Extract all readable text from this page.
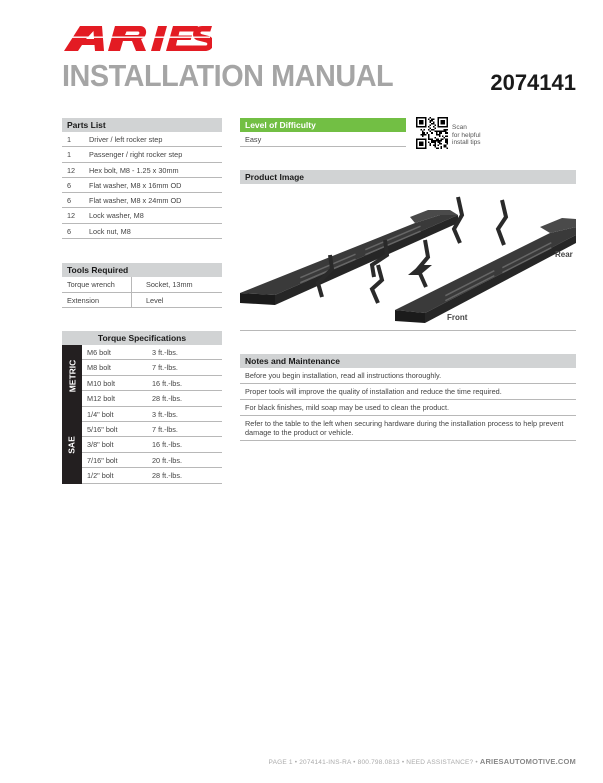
INSTALLATION MANUAL	2074141
Parts List
1	Driver / left rocker step
1	Passenger / right rocker step
12	Hex bolt, M8 - 1.25 x 30mm
6	Flat washer, M8 x 16mm OD
6	Flat washer, M8 x 24mm OD
12	Lock washer, M8
6	Lock nut, M8
Tools Required
Torque wrench	Socket, 13mm
Extension	Level
Torque Specifications
METRIC
M6 bolt	3 ft.-lbs.
M8 bolt	7 ft.-lbs.
M10 bolt	16 ft.-lbs.
M12 bolt	28 ft.-lbs.
SAE
1/4" bolt	3 ft.-lbs.
5/16" bolt	7 ft.-lbs.
3/8" bolt	16 ft.-lbs.
7/16" bolt	20 ft.-lbs.
1/2" bolt	28 ft.-lbs.
Level of Difficulty
Easy
Scan
for helpful
install tips
Product Image
Rear
Front
Notes and Maintenance
Before you begin installation, read all instructions thoroughly.
Proper tools will improve the quality of installation and reduce the time required.
For black finishes, mild soap may be used to clean the product.
Refer to the table to the left when securing hardware during the installation process to help prevent damage to the product or vehicle.
PAGE 1 • 2074141-INS-RA • 800.798.0813 • NEED ASSISTANCE? • ARIESAUTOMOTIVE.COM
